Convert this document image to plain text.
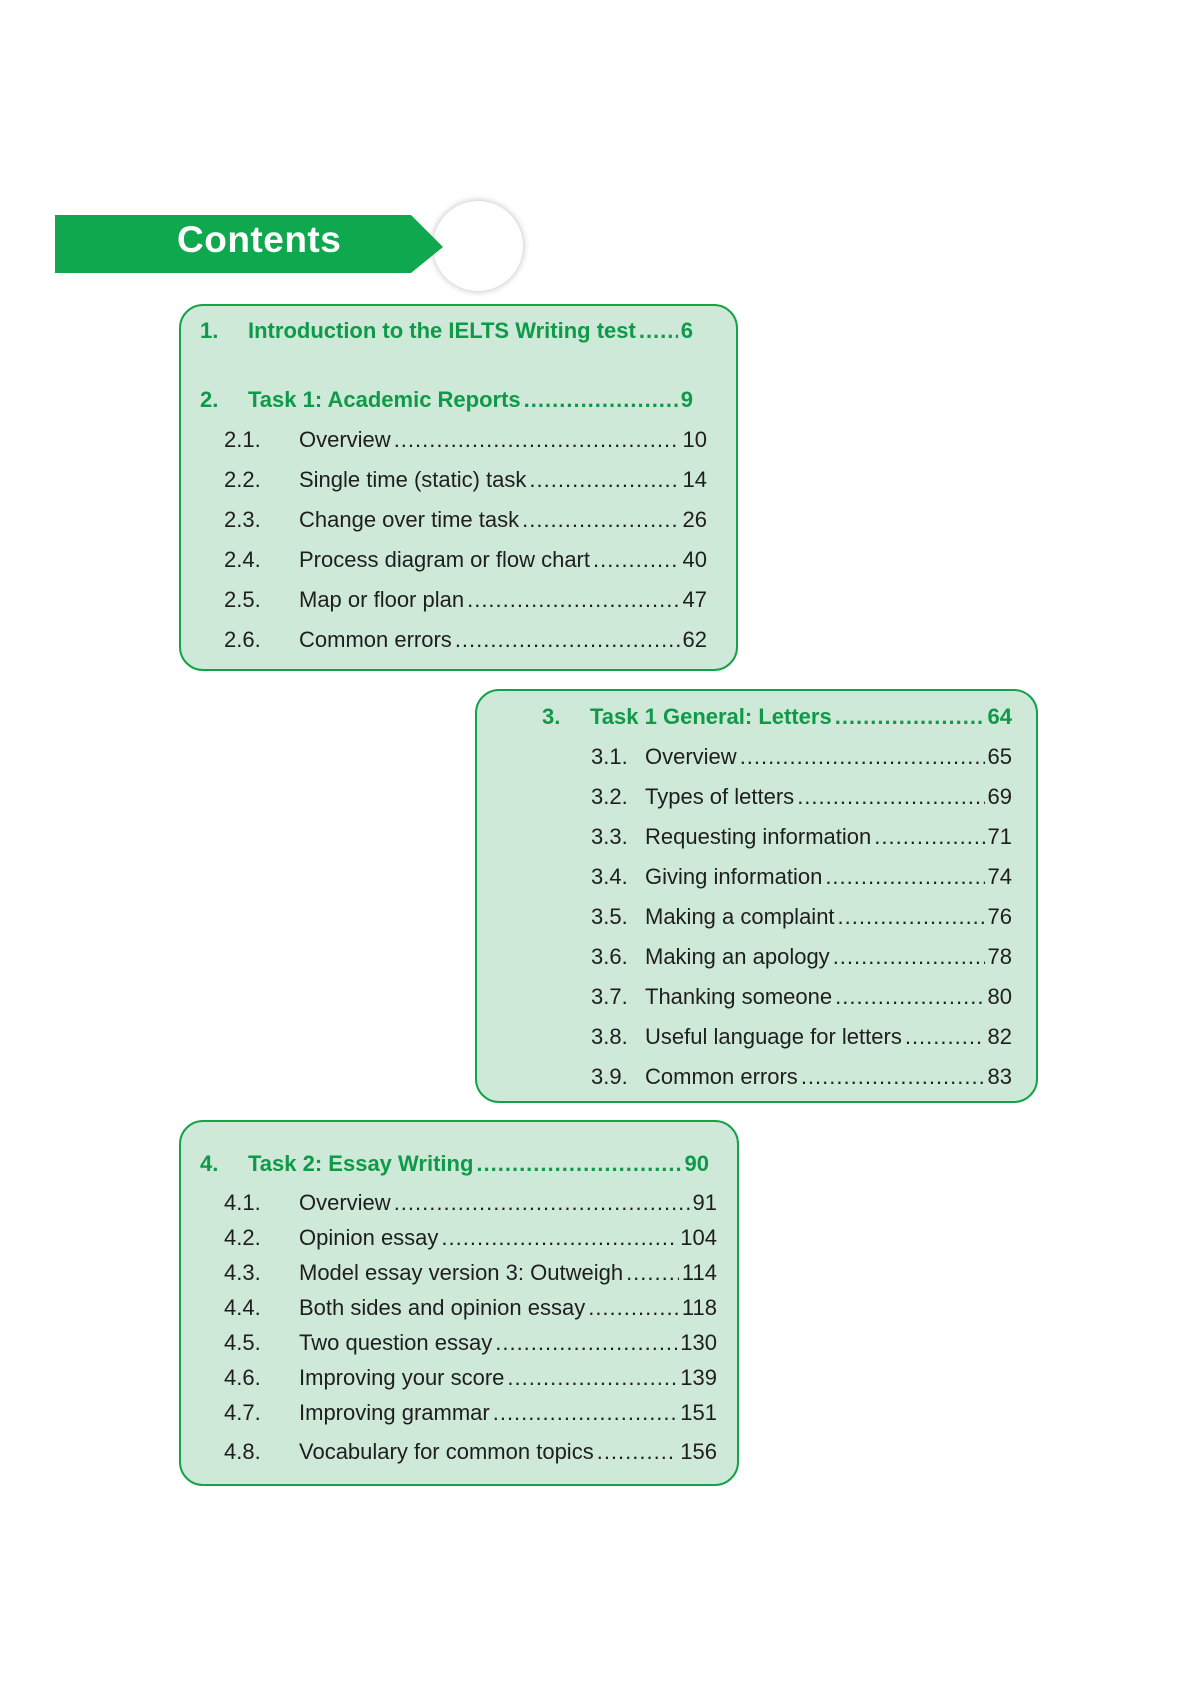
Contents
1.	Introduction to the IELTS Writing test ..... 6
2.	Task 1: Academic Reports .....	9
2.1.	Overview .....	10
2.2.	Single time (static) task .....	14
2.3.	Change over time task .....	26
2.4.	Process diagram or flow chart .....	40
2.5.	Map or floor plan .....	47
2.6.	Common errors .....	62
3.	Task 1 General: Letters .....	64
3.1. Overview .....	65
3.2. Types of letters .....	69
3.3. Requesting information .....	71
3.4. Giving information .....	74
3.5. Making a complaint .....	76
3.6. Making an apology .....	78
3.7. Thanking someone .....	80
3.8. Useful language for letters .....	82
3.9. Common errors .....	83
4.	Task 2: Essay Writing .....	90
4.1.	Overview .....	91
4.2.	Opinion essay .....	104
4.3.	Model essay version 3: Outweigh .....	114
4.4.	Both sides and opinion essay .....	118
4.5.	Two question essay .....	130
4.6.	Improving your score .....	139
4.7.	Improving grammar .....	151
4.8.	Vocabulary for common topics .....	156
